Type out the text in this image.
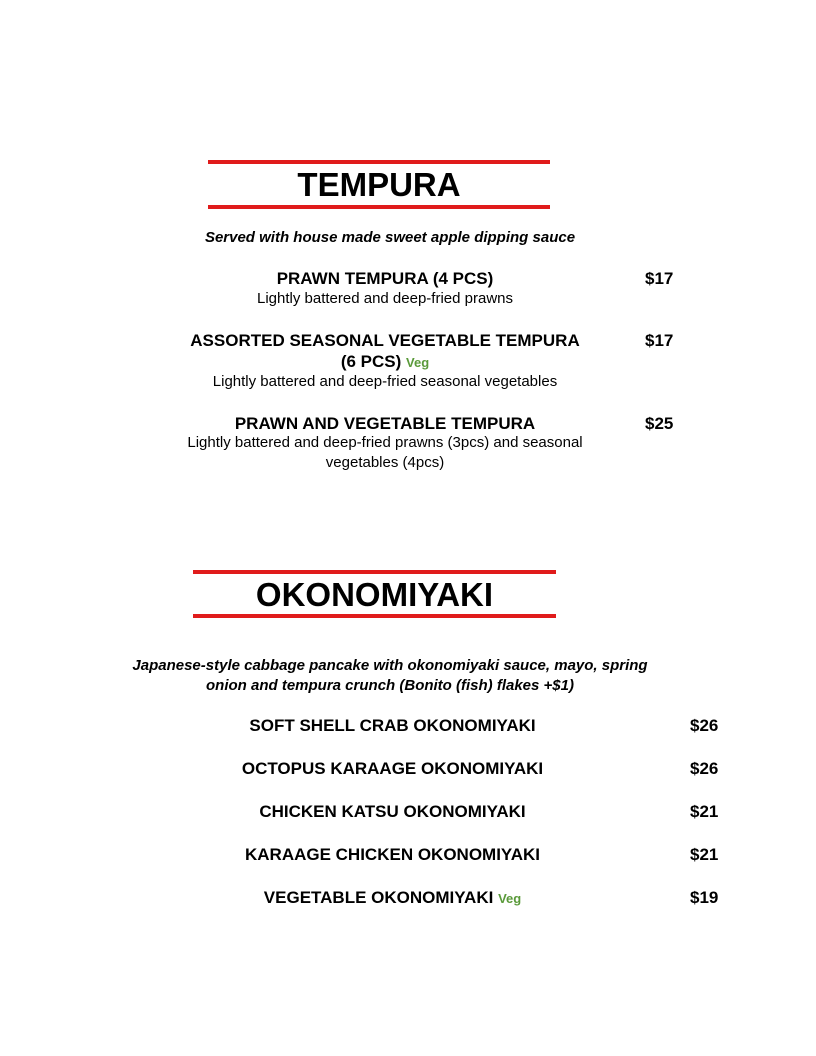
TEMPURA
Served with house made sweet apple dipping sauce
PRAWN TEMPURA (4 PCS)	$17
Lightly battered and deep-fried prawns
ASSORTED SEASONAL VEGETABLE TEMPURA	$17
(6 PCS) Veg
Lightly battered and deep-fried seasonal vegetables
PRAWN AND VEGETABLE TEMPURA	$25
Lightly battered and deep-fried prawns (3pcs) and seasonal
vegetables (4pcs)
OKONOMIYAKI
Japanese-style cabbage pancake with okonomiyaki sauce, mayo, spring
onion and tempura crunch (Bonito (fish) flakes +$1)
SOFT SHELL CRAB OKONOMIYAKI	$26
OCTOPUS KARAAGE OKONOMIYAKI	$26
CHICKEN KATSU OKONOMIYAKI	$21
KARAAGE CHICKEN OKONOMIYAKI	$21
VEGETABLE OKONOMIYAKI Veg	$19
